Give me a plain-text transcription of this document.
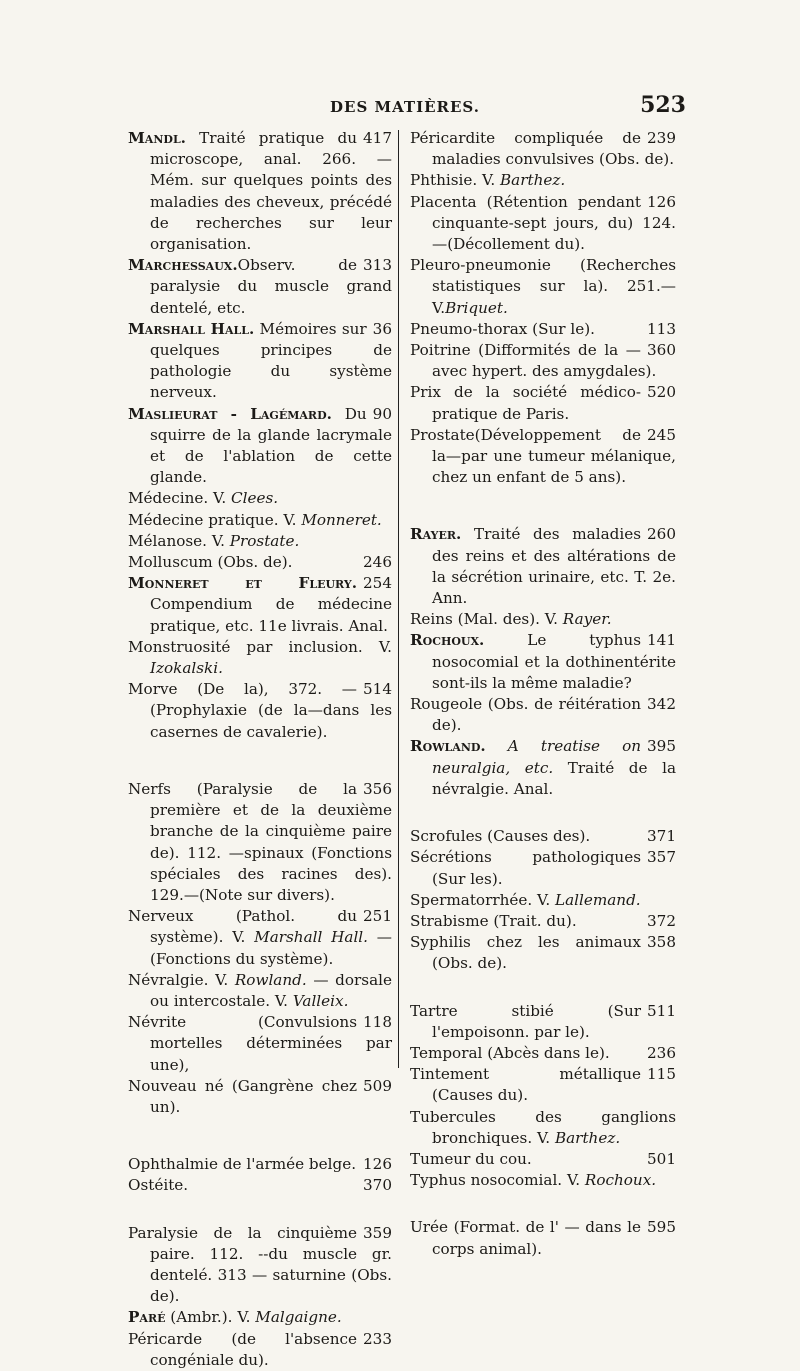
DES MATIÈRES.	523
417
Mandl. Traité pratique du microscope, anal. 266. — Mém. sur quelques points des maladies des cheveux, précédé de recherches sur leur organisation.
313
Marchessaux.Observ. de paralysie du muscle grand dentelé, etc.
36
Marshall Hall. Mémoires sur quelques principes de pathologie du système nerveux.
90
Maslieurat - Lagémard. Du squirre de la glande lacrymale et de l'ablation de cette glande.
Médecine. V. Clees.
Médecine pratique. V. Monneret.
Mélanose. V. Prostate.
246
Molluscum (Obs. de).
254
Monneret et Fleury. Compendium de médecine pratique, etc. 11e livrais. Anal.
Monstruosité par inclusion. V. Izokalski.
514
Morve (De la), 372. — (Prophylaxie (de la—dans les casernes de cavalerie).
356
Nerfs (Paralysie de la première et de la deuxième branche de la cinquième paire de). 112. —spinaux (Fonctions spéciales des racines des). 129.—(Note sur divers).
251
Nerveux (Pathol. du système). V. Marshall Hall. — (Fonctions du système).
Névralgie. V. Rowland. — dorsale ou intercostale. V. Valleix.
118
Névrite (Convulsions mortelles déterminées par une),
509
Nouveau né (Gangrène chez un).
126
Ophthalmie de l'armée belge.
370
Ostéite.
359
Paralysie de la cinquième paire. 112. --du muscle gr. dentelé. 313 — saturnine (Obs. de).
Paré (Ambr.). V. Malgaigne.
233
Péricarde (de l'absence congéniale du).
239
Péricardite compliquée de maladies convulsives (Obs. de).
Phthisie. V. Barthez.
126
Placenta (Rétention pendant cinquante-sept jours, du) 124.—(Décollement du).
Pleuro-pneumonie (Recherches statistiques sur la). 251.—V.Briquet.
113
Pneumo-thorax (Sur le).
360
Poitrine (Difformités de la — avec hypert. des amygdales).
520
Prix de la société médico-pratique de Paris.
245
Prostate(Développement de la—par une tumeur mélanique, chez un enfant de 5 ans).
260
Rayer. Traité des maladies des reins et des altérations de la sécrétion urinaire, etc. T. 2e. Ann.
Reins (Mal. des). V. Rayer.
141
Rochoux. Le typhus nosocomial et la dothinentérite sont-ils la même maladie?
342
Rougeole (Obs. de réitération de).
395
Rowland. A treatise on neuralgia, etc. Traité de la névralgie. Anal.
371
Scrofules (Causes des).
357
Sécrétions pathologiques (Sur les).
Spermatorrhée. V. Lallemand.
372
Strabisme (Trait. du).
358
Syphilis chez les animaux (Obs. de).
511
Tartre stibié (Sur l'empoisonn. par le).
236
Temporal (Abcès dans le).
115
Tintement métallique (Causes du).
Tubercules des ganglions bronchiques. V. Barthez.
501
Tumeur du cou.
Typhus nosocomial. V. Rochoux.
595
Urée (Format. de l' — dans le corps animal).
